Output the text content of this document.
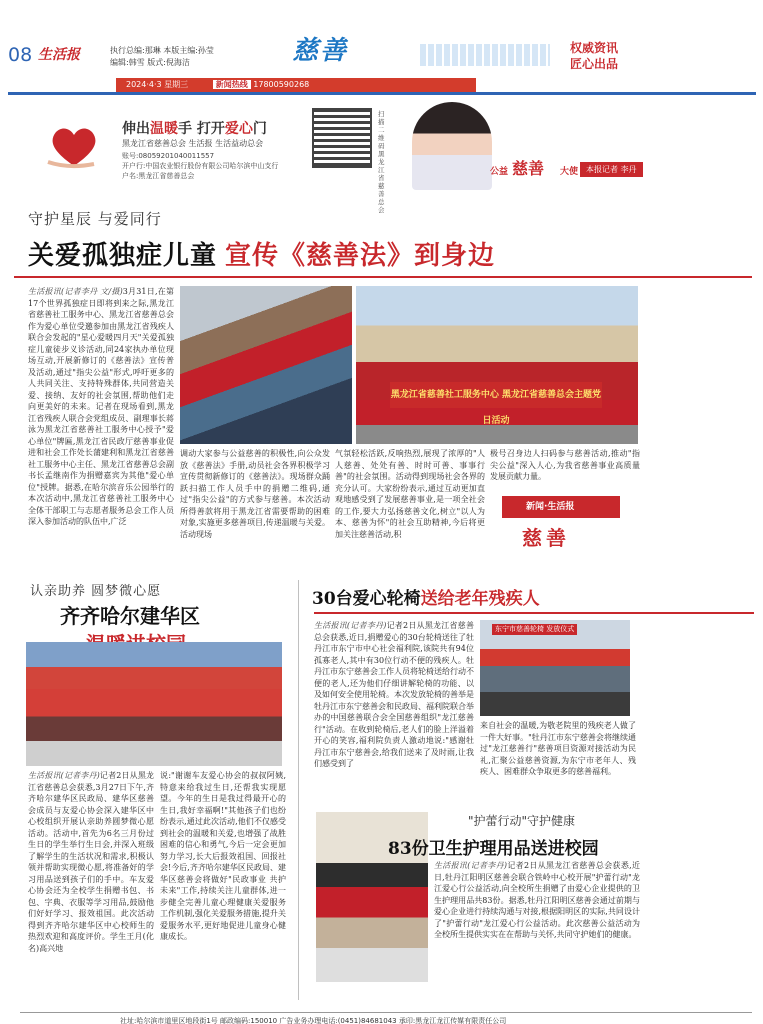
08 生活报	执行总编:那琳 本版主编:孙莹
编辑:韩雪 版式:倪海洁	慈善	权威资讯
匠心出品
2024·4·3 星期三	新闻热线 17800590268
伸出温暖手 打开爱心门
黑龙江省慈善总会 生活报 生活益动总会
账号:08059201040011557
开户行:中国农业银行股份有限公司哈尔滨中山支行
户名:黑龙江省慈善总会
扫描二维码 黑龙江省慈善总会
公益 慈善 大使 本报记者 李丹
守护星辰 与爱同行
关爱孤独症儿童 宣传《慈善法》到身边
生活报讯(记者李丹 文/摄)3月31日,在第17个世界孤独症日即将到来之际,黑龙江省慈善社工服务中心、黑龙江省慈善总会作为爱心单位受邀参加由黑龙江省残疾人联合会发起的"星心爱暖四月天"关爱孤独症儿童徒步义诊活动,同24家执办单位现场互动,开展新修订的《慈善法》宣传普及活动,通过"指尖公益"形式,呼吁更多的人共同关注、支持特殊群体,共同营造关爱、接纳、友好的社会氛围,帮助他们走向更美好的未来。记者在现场看到,黑龙江省残疾人联合会党组成员、副理事长蒋泳为黑龙江省慈善社工服务中心授予"爱心单位"牌匾,黑龙江省民政厅慈善事业促进和社会工作处长蒲建利和黑龙江省慈善社工服务中心主任、黑龙江省慈善总会副书长孟继南作为捐赠嘉宾为其他"爱心单位"授牌。据悉,在哈尔滨音乐公园举行的本次活动中,黑龙江省慈善社工服务中心全体干部职工与志愿者服务总会工作人员深入参加活动的队伍中,广泛
黑龙江省慈善社工服务中心 黑龙江省慈善总会主题党日活动
调动大家参与公益慈善的积极性,向公众发放《慈善法》手册,动员社会各界积极学习宣传贯彻新修订的《慈善法》。现场群众踊跃扫描工作人员手中的捐赠二维码,通过"指尖公益"的方式参与慈善。本次活动所得善款将用于黑龙江省需要帮助的困难对象,实施更多慈善项目,传递温暖与关爱。活动现场
气氛轻松活跃,反响热烈,展现了浓厚的"人人慈善、处处有善、时时可善、事事行善"的社会氛围。活动得到现场社会各界的充分认可。大家纷纷表示,通过互动更加直观地感受到了发展慈善事业,是一项全社会的工作,要大力弘扬慈善文化,树立"以人为本、慈善为怀"的社会互助精神,今后将更加关注慈善活动,积
极号召身边人扫码参与慈善活动,推动"指尖公益"深入人心,为我省慈善事业高质量发展贡献力量。
新闻·生活报
慈善
认亲助养 圆梦微心愿
齐齐哈尔建华区
生活报讯(记者李丹)记者2日从黑龙江省慈善总会获悉,3月27日下午,齐齐哈尔建华区民政局、建华区慈善会成员与友爱心协会深入建华区中心校组织开展认亲助养圆梦微心愿活动。活动中,首先为6名三月份过生日的学生举行生日会,并深入班级了解学生的生活状况和需求,积极认领并帮助实现微心愿,将准备好的学习用品送到孩子们的手中。车友爱心协会还为全校学生捐赠书包、书包、字典、衣服等学习用品,鼓励他们好好学习、报效祖国。此次活动得到齐齐哈尔建华区中心校师生的热烈欢迎和高度评价。学生王月(化名)高兴地
说:"谢谢车友爱心协会的叔叔阿姨,特意来给我过生日,还帮我实现愿望。今年的生日是我过得最开心的生日,我好幸福啊!"其他孩子们也纷纷表示,通过此次活动,他们不仅感受到社会的温暖和关爱,也增强了战胜困难的信心和勇气,今后一定会更加努力学习,长大后报效祖国、回报社会!今后,齐齐哈尔建华区民政局、建华区慈善会将做好"民政事业 共护未来"工作,持续关注儿童群体,进一步健全完善儿童心理健康关爱服务工作机制,强化关爱服务措施,提升关爱服务水平,更好地促进儿童身心健康成长。
30台爱心轮椅送给老年残疾人
生活报讯(记者李丹)记者2日从黑龙江省慈善总会获悉,近日,捐赠爱心的30台轮椅送往了牡丹江市东宁市中心社会福利院,该院共有94位孤寡老人,其中有30位行动不便的残疾人。牡丹江市东宁慈善会工作人员将轮椅送给行动不便的老人,还为他们仔细讲解轮椅的功能、以及如何安全使用轮椅。本次发放轮椅的善举是牡丹江市东宁慈善会和民政局、福利院联合举办的中国慈善联合会全国慈善组织"龙江慈善行"活动。在收到轮椅后,老人们的脸上洋溢着开心的笑容,福利院负责人激动地说:"感谢牡丹江市东宁慈善会,给我们送来了及时雨,让我们感受到了
东宁市慈善轮椅 发放仪式
来自社会的温暖,为敬老院里的残疾老人做了一件大好事。"牡丹江市东宁慈善会将继续通过"龙江慈善行"慈善项目资源对接活动为民礼,汇聚公益慈善资源,为东宁市老年人、残疾人、困难群众争取更多的慈善福利。
"护蕾行动"守护健康
83份卫生护理用品送进校园
生活报讯(记者李丹)记者2日从黑龙江省慈善总会获悉,近日,牡丹江阳明区慈善会联合铁岭中心校开展"护蕾行动"龙江爱心行公益活动,向全校所生捐赠了由爱心企业提供的卫生护理用品共83份。据悉,牡丹江阳明区慈善会通过前期与爱心企业进行持续沟通与对接,根据阳明区的实际,共同设计了"护蕾行动"龙江爱心行公益活动。此次慈善公益活动为全校所生提供实实在在帮助与关怀,共同守护她们的健康。
社址:哈尔滨市道里区地段街1号 邮政编码:150010 广告业务办理电话:(0451)84681043 承印:黑龙江龙江传媒有限责任公司
